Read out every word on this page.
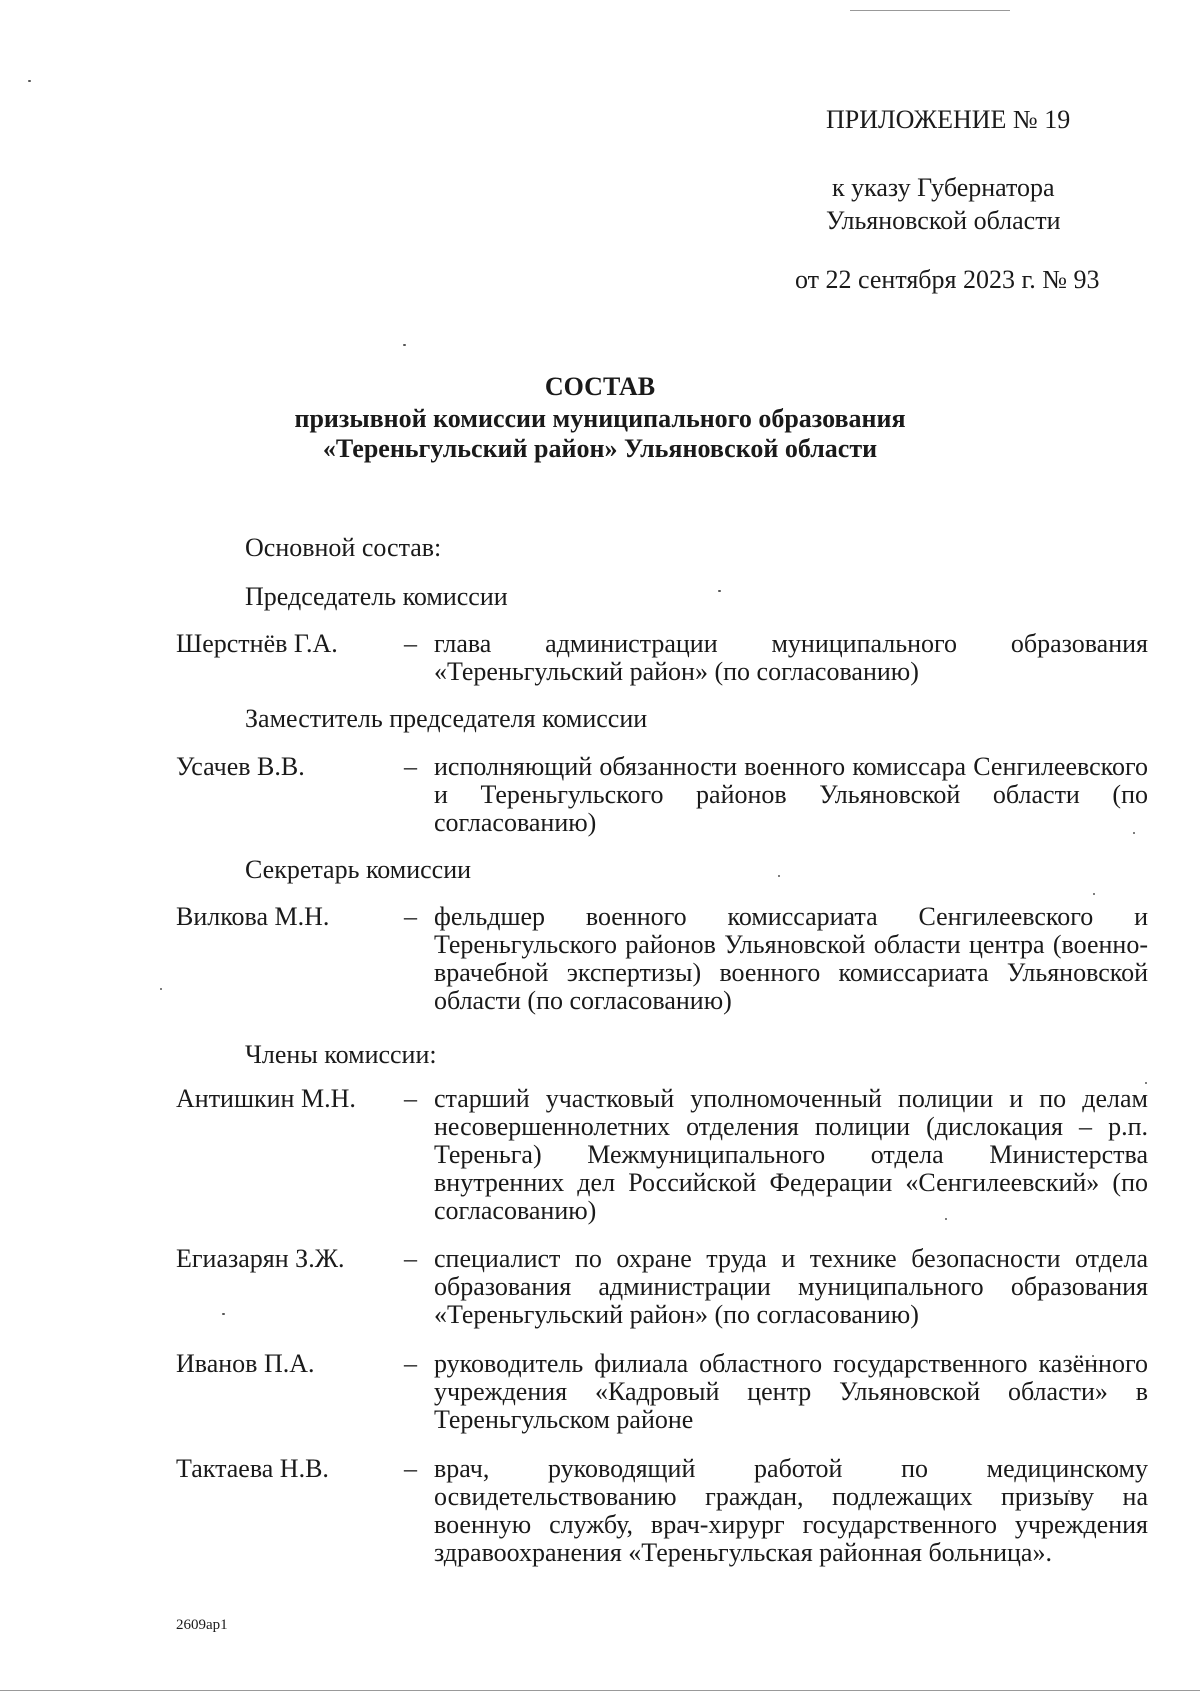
ПРИЛОЖЕНИЕ № 19
к указу Губернатора
Ульяновской области
от 22 сентября 2023 г. № 93
СОСТАВ
призывной комиссии муниципального образования
«Тереньгульский район» Ульяновской области
Основной состав:
Председатель комиссии
Шерстнёв Г.А.	– глава администрации муниципального образования «Тереньгульский район» (по согласованию)
Заместитель председателя комиссии
Усачев В.В.	– исполняющий обязанности военного комиссара Сенгилеевского и Тереньгульского районов Ульяновской области (по согласованию)
Секретарь комиссии
Вилкова М.Н.	– фельдшер военного комиссариата Сенгилеевского и Тереньгульского районов Ульяновской области центра (военно-врачебной экспертизы) военного комиссариата Ульяновской области (по согласованию)
Члены комиссии:
Антишкин М.Н. – старший участковый уполномоченный полиции и по делам несовершеннолетних отделения полиции (дислокация – р.п. Тереньга) Межмуниципального отдела Министерства внутренних дел Российской Федерации «Сенгилеевский» (по согласованию)
Егиазарян З.Ж. – специалист по охране труда и технике безопасности отдела образования администрации муниципального образования «Тереньгульский район» (по согласованию)
Иванов П.А.	– руководитель филиала областного государственного казённого учреждения «Кадровый центр Ульяновской области» в Тереньгульском районе
Тактаева Н.В.	– врач, руководящий работой по медицинскому освидетельствованию граждан, подлежащих призыву на военную службу, врач-хирург государственного учреждения здравоохранения «Тереньгульская районная больница».
2609ар1
